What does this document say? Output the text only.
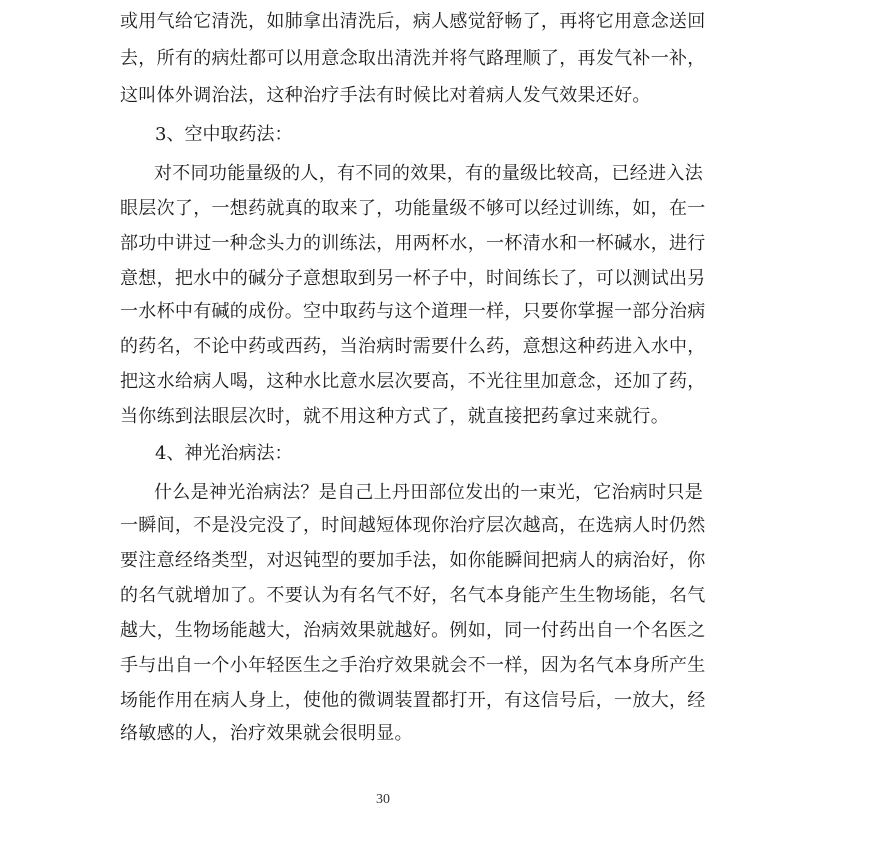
或用气给它清洗，如肺拿出清洗后，病人感觉舒畅了，再将它用意念送回
去，所有的病灶都可以用意念取出清洗并将气路理顺了，再发气补一补，
这叫体外调治法，这种治疗手法有时候比对着病人发气效果还好。
3、空中取药法：
对不同功能量级的人，有不同的效果，有的量级比较高，已经进入法
眼层次了，一想药就真的取来了，功能量级不够可以经过训练，如，在一
部功中讲过一种念头力的训练法，用两杯水，一杯清水和一杯碱水，进行
意想，把水中的碱分子意想取到另一杯子中，时间练长了，可以测试出另
一水杯中有碱的成份。空中取药与这个道理一样，只要你掌握一部分治病
的药名，不论中药或西药，当治病时需要什么药，意想这种药进入水中，
把这水给病人喝，这种水比意水层次要高，不光往里加意念，还加了药，
当你练到法眼层次时，就不用这种方式了，就直接把药拿过来就行。
4、神光治病法：
什么是神光治病法？是自己上丹田部位发出的一束光，它治病时只是
一瞬间，不是没完没了，时间越短体现你治疗层次越高，在选病人时仍然
要注意经络类型，对迟钝型的要加手法，如你能瞬间把病人的病治好，你
的名气就增加了。不要认为有名气不好，名气本身能产生生物场能，名气
越大，生物场能越大，治病效果就越好。例如，同一付药出自一个名医之
手与出自一个小年轻医生之手治疗效果就会不一样，因为名气本身所产生
场能作用在病人身上，使他的微调装置都打开，有这信号后，一放大，经
络敏感的人，治疗效果就会很明显。
30
